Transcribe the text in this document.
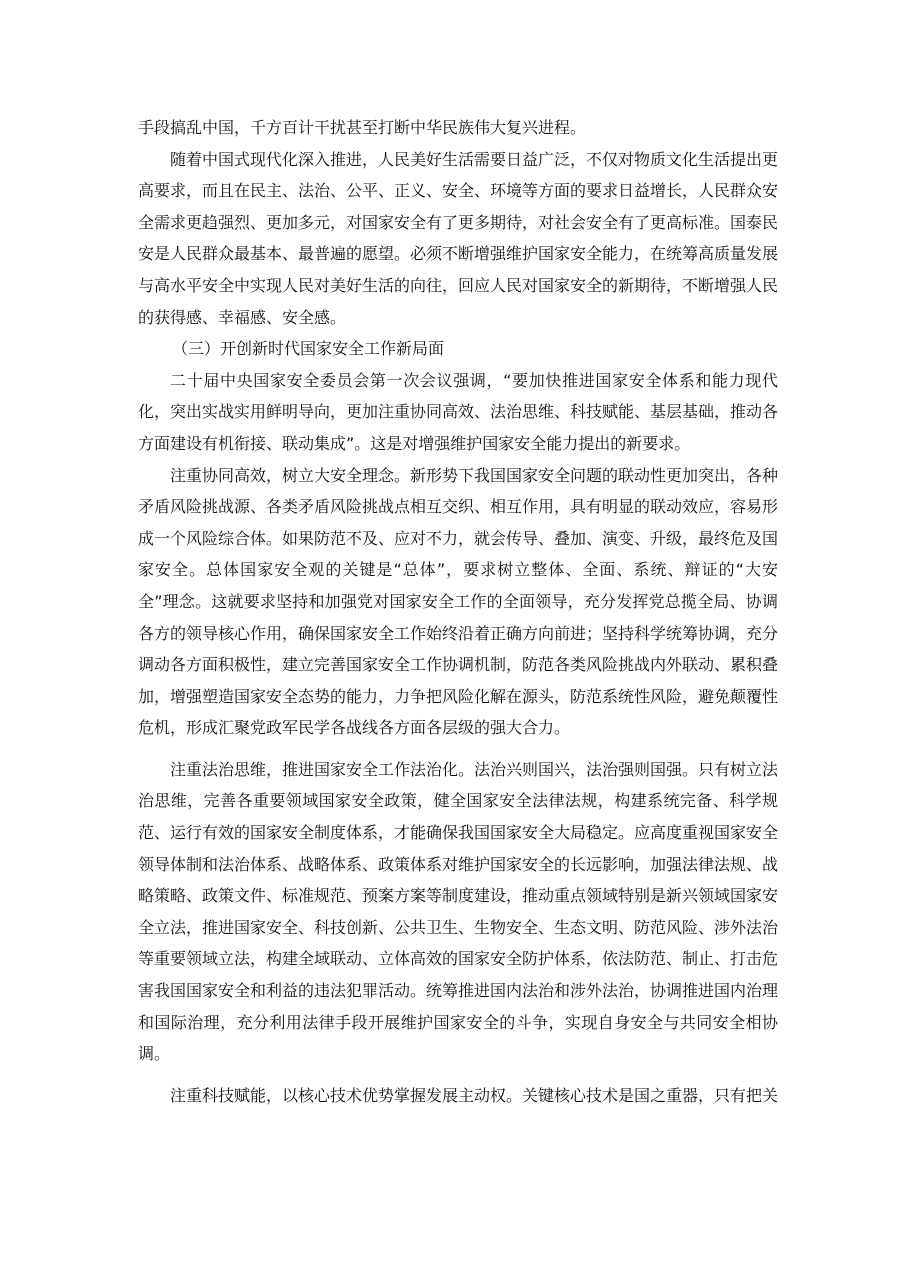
手段搞乱中国，千方百计干扰甚至打断中华民族伟大复兴进程。

随着中国式现代化深入推进，人民美好生活需要日益广泛，不仅对物质文化生活提出更高要求，而且在民主、法治、公平、正义、安全、环境等方面的要求日益增长，人民群众安全需求更趋强烈、更加多元，对国家安全有了更多期待，对社会安全有了更高标准。国泰民安是人民群众最基本、最普遍的愿望。必须不断增强维护国家安全能力，在统筹高质量发展与高水平安全中实现人民对美好生活的向往，回应人民对国家安全的新期待，不断增强人民的获得感、幸福感、安全感。

（三）开创新时代国家安全工作新局面

二十届中央国家安全委员会第一次会议强调，“要加快推进国家安全体系和能力现代化，突出实战实用鲜明导向，更加注重协同高效、法治思维、科技赋能、基层基础，推动各方面建设有机衔接、联动集成”。这是对增强维护国家安全能力提出的新要求。

注重协同高效，树立大安全理念。新形势下我国国家安全问题的联动性更加突出，各种矛盾风险挑战源、各类矛盾风险挑战点相互交织、相互作用，具有明显的联动效应，容易形成一个风险综合体。如果防范不及、应对不力，就会传导、叠加、演变、升级，最终危及国家安全。总体国家安全观的关键是“总体”，要求树立整体、全面、系统、辩证的“大安全”理念。这就要求坚持和加强党对国家安全工作的全面领导，充分发挥党总揽全局、协调各方的领导核心作用，确保国家安全工作始终沿着正确方向前进；坚持科学统筹协调，充分调动各方面积极性，建立完善国家安全工作协调机制，防范各类风险挑战内外联动、累积叠加，增强塑造国家安全态势的能力，力争把风险化解在源头，防范系统性风险，避免颠覆性危机，形成汇聚党政军民学各战线各方面各层级的强大合力。

注重法治思维，推进国家安全工作法治化。法治兴则国兴，法治强则国强。只有树立法治思维，完善各重要领域国家安全政策，健全国家安全法律法规，构建系统完备、科学规范、运行有效的国家安全制度体系，才能确保我国国家安全大局稳定。应高度重视国家安全领导体制和法治体系、战略体系、政策体系对维护国家安全的长远影响，加强法律法规、战略策略、政策文件、标准规范、预案方案等制度建设，推动重点领域特别是新兴领域国家安全立法，推进国家安全、科技创新、公共卫生、生物安全、生态文明、防范风险、涉外法治等重要领域立法，构建全域联动、立体高效的国家安全防护体系，依法防范、制止、打击危害我国国家安全和利益的违法犯罪活动。统筹推进国内法治和涉外法治，协调推进国内治理和国际治理，充分利用法律手段开展维护国家安全的斗争，实现自身安全与共同安全相协调。

注重科技赋能，以核心技术优势掌握发展主动权。关键核心技术是国之重器，只有把关
